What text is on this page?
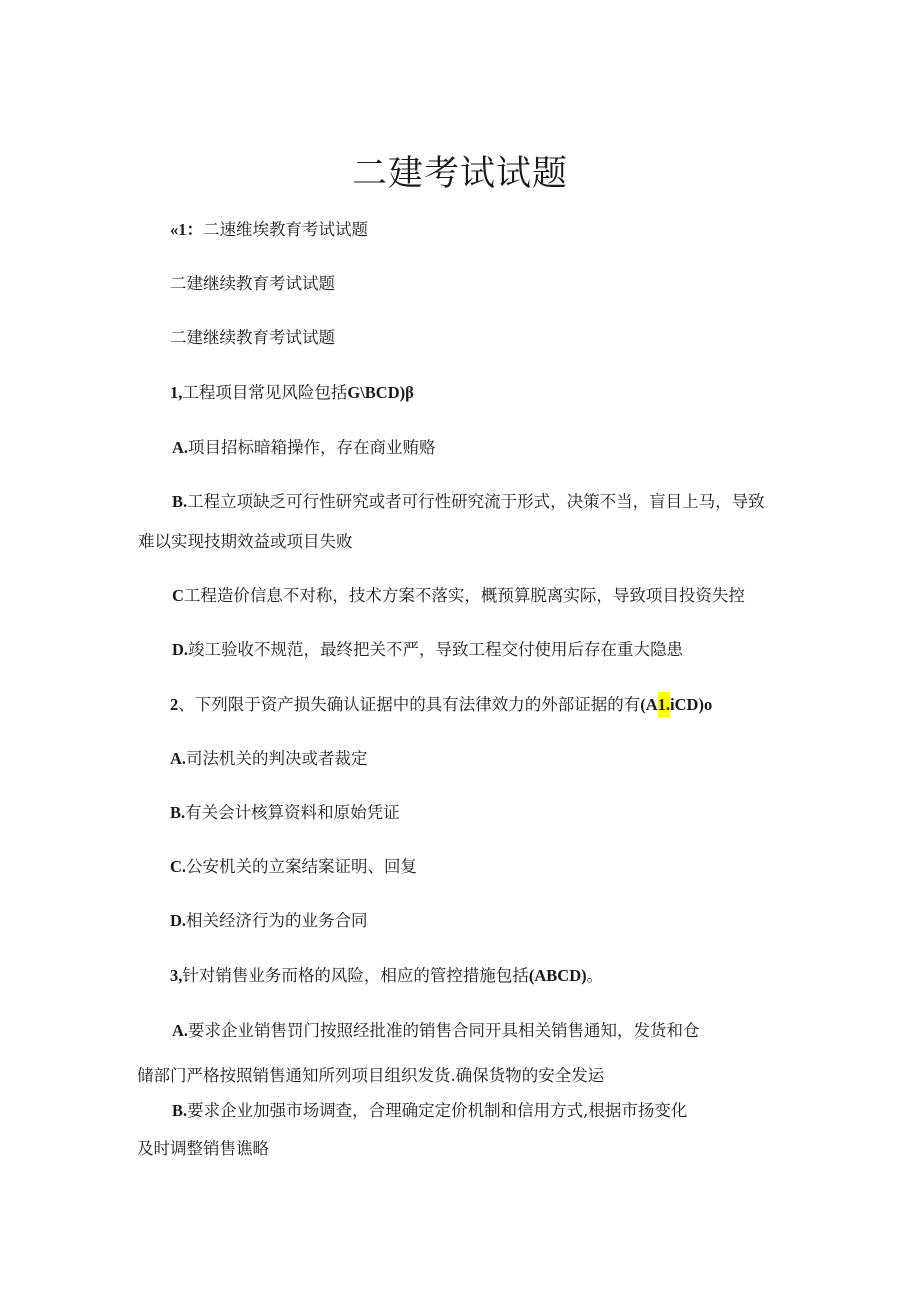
二建考试试题

«1：二速维埃教育考试试题

二建继续教育考试试题

二建继续教育考试试题

1,工程项目常见风险包括G\BCD)β

A.项目招标暗箱操作，存在商业贿赂

B.工程立项缺乏可行性研究或者可行性研究流于形式，决策不当，盲目上马，导致

难以实现技期效益或项目失败

C工程造价信息不对称，技术方案不落实，概预算脱离实际，导致项目投资失控

D.竣工验收不规范，最终把关不严，导致工程交付使用后存在重大隐患

2、下列限于资产损失确认证据中的具有法律效力的外部证据的有(A1.iCD)o

A.司法机关的判决或者裁定

B.有关会计核算资料和原始凭证

C.公安机关的立案结案证明、回复

D.相关经济行为的业务合同

3,针对销售业务而格的风险，相应的管控措施包括(ABCD)。

A.要求企业销售罚门按照经批准的销售合同开具相关销售通知，发货和仓

储部门严格按照销售通知所列项目组织发货.确保货物的安全发运

B.要求企业加强市场调查，合理确定定价机制和信用方式,根据市扬变化

及时调整销售谯略
